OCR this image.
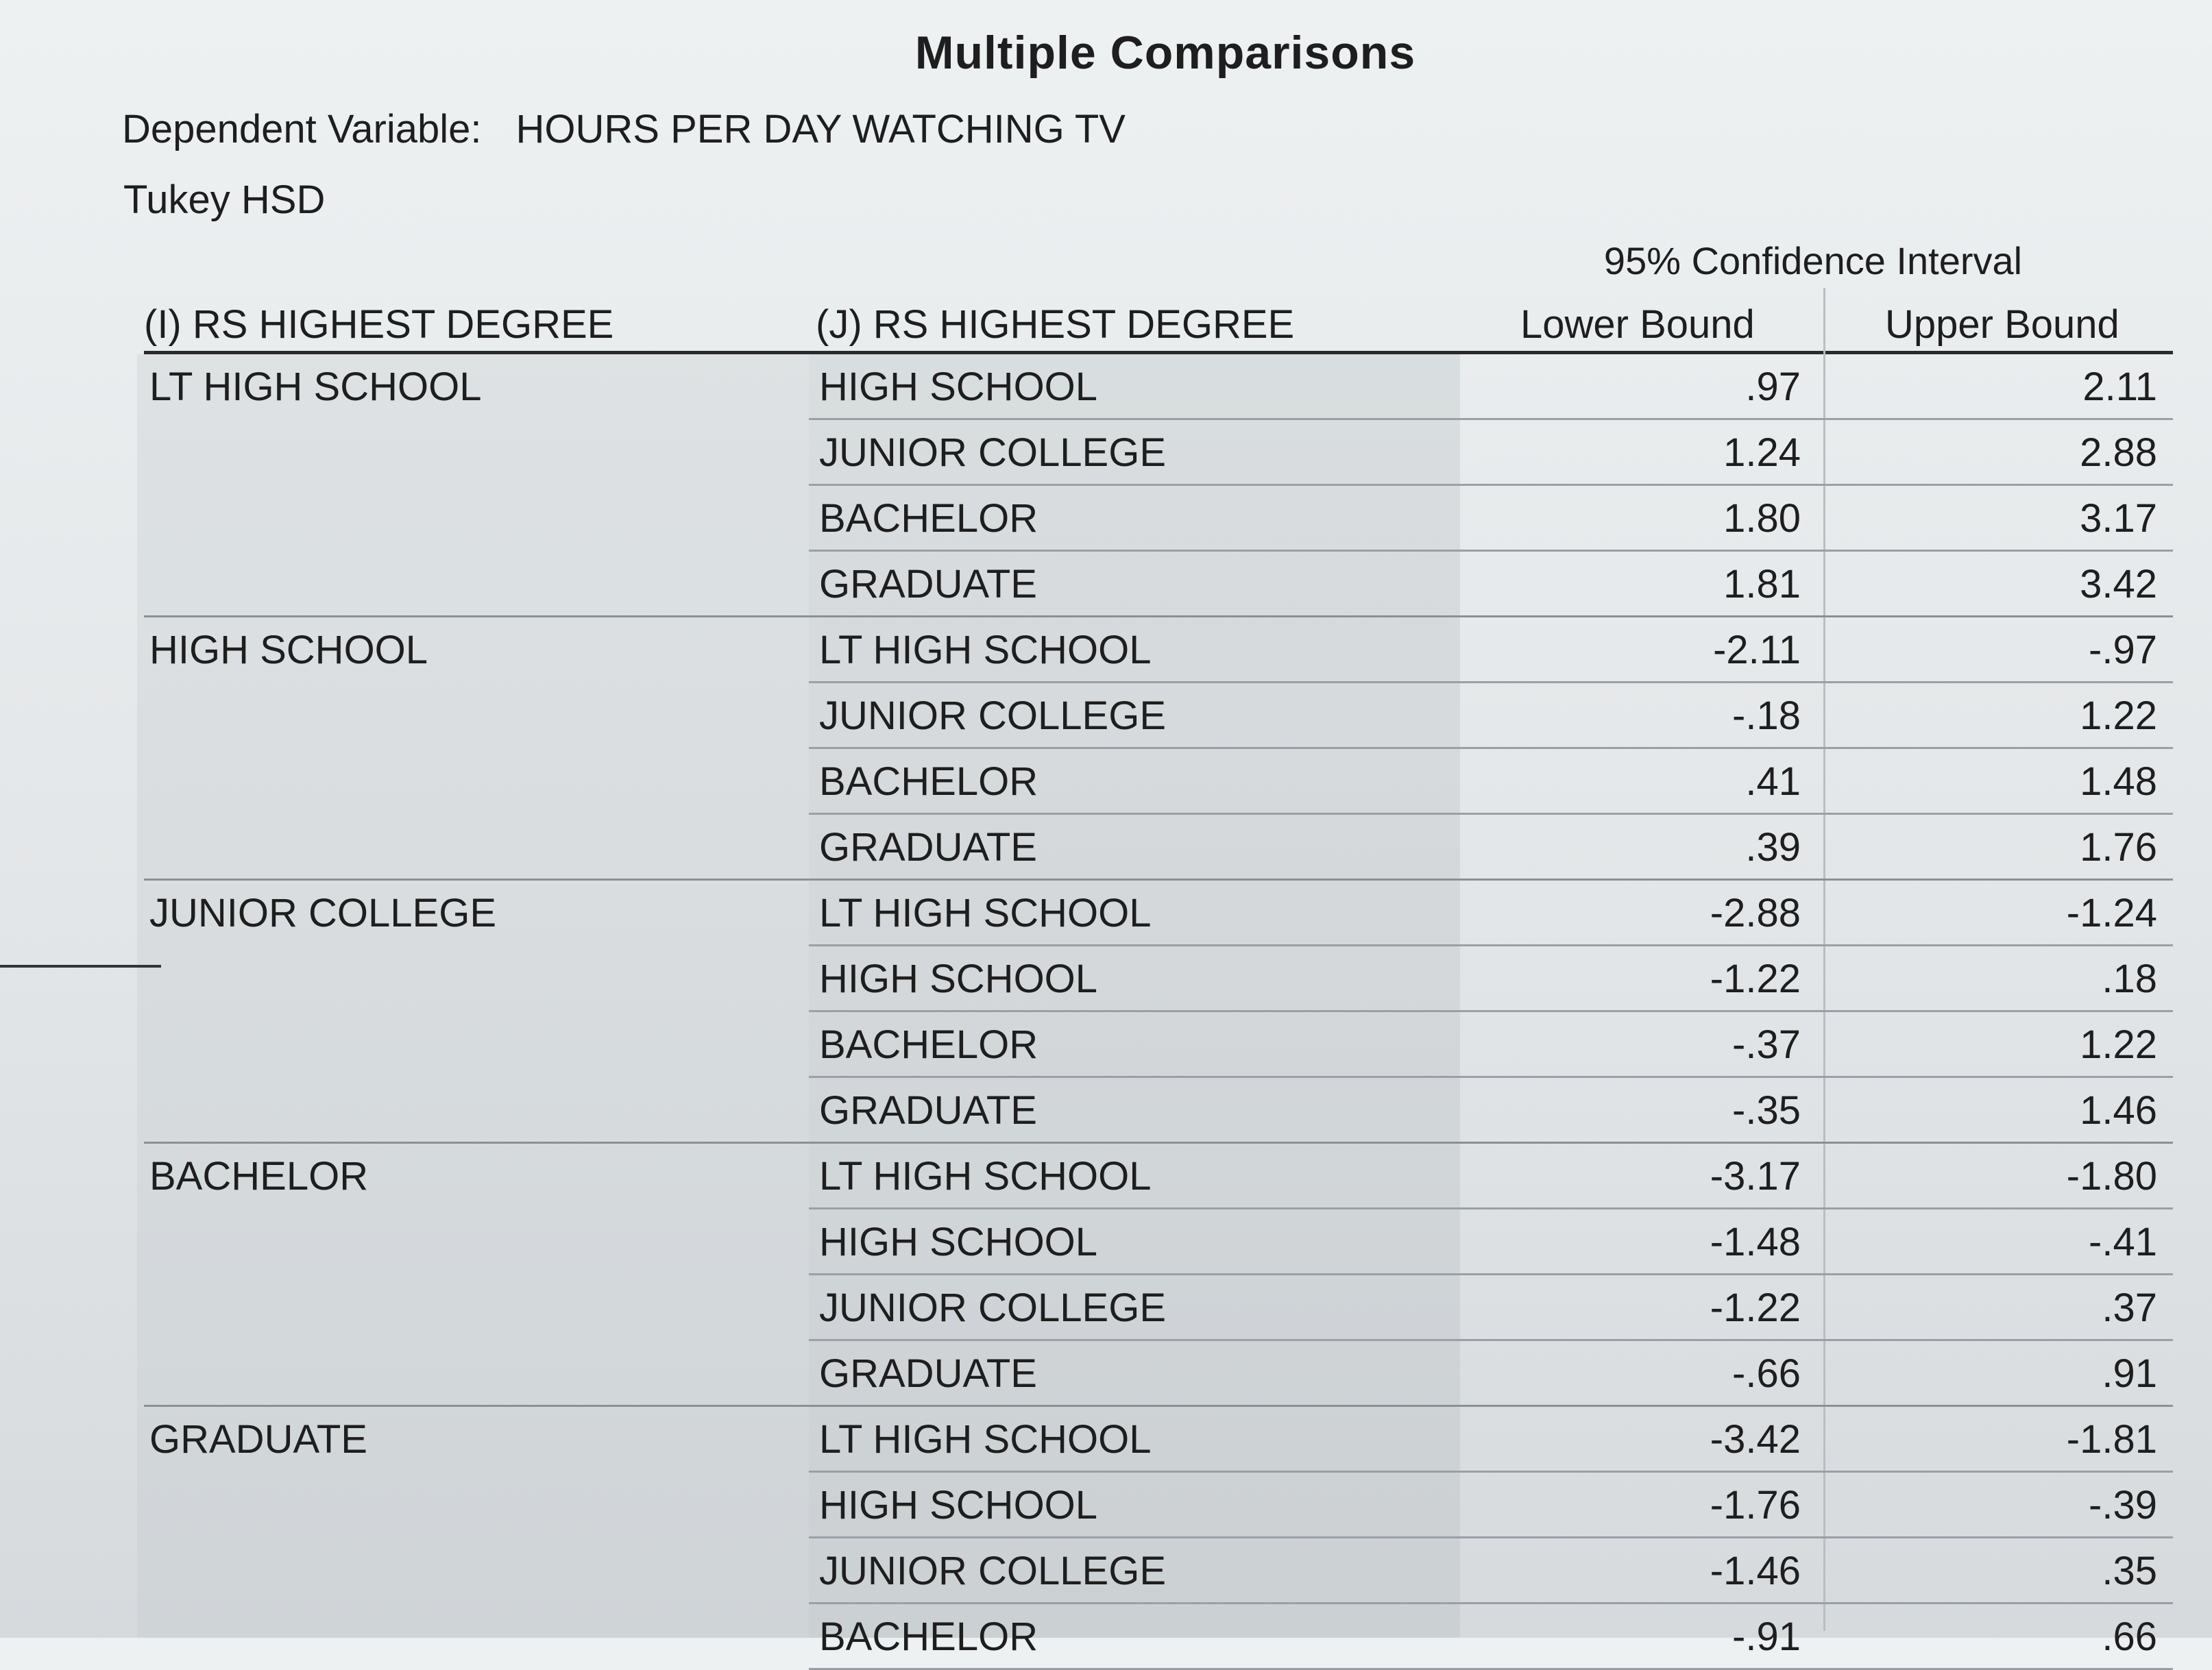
Multiple Comparisons
Dependent Variable: HOURS PER DAY WATCHING TV
Tukey HSD
95% Confidence Interval
(I) RS HIGHEST DEGREE	(J) RS HIGHEST DEGREE	Lower Bound	Upper Bound
LT HIGH SCHOOL	HIGH SCHOOL	.97	2.11
JUNIOR COLLEGE	1.24	2.88
BACHELOR	1.80	3.17
GRADUATE	1.81	3.42
HIGH SCHOOL	LT HIGH SCHOOL	-2.11	-.97
JUNIOR COLLEGE	-.18	1.22
BACHELOR	.41	1.48
GRADUATE	.39	1.76
JUNIOR COLLEGE	LT HIGH SCHOOL	-2.88	-1.24
HIGH SCHOOL	-1.22	.18
BACHELOR	-.37	1.22
GRADUATE	-.35	1.46
BACHELOR	LT HIGH SCHOOL	-3.17	-1.80
HIGH SCHOOL	-1.48	-.41
JUNIOR COLLEGE	-1.22	.37
GRADUATE	-.66	.91
GRADUATE	LT HIGH SCHOOL	-3.42	-1.81
HIGH SCHOOL	-1.76	-.39
JUNIOR COLLEGE	-1.46	.35
BACHELOR	-.91	.66
